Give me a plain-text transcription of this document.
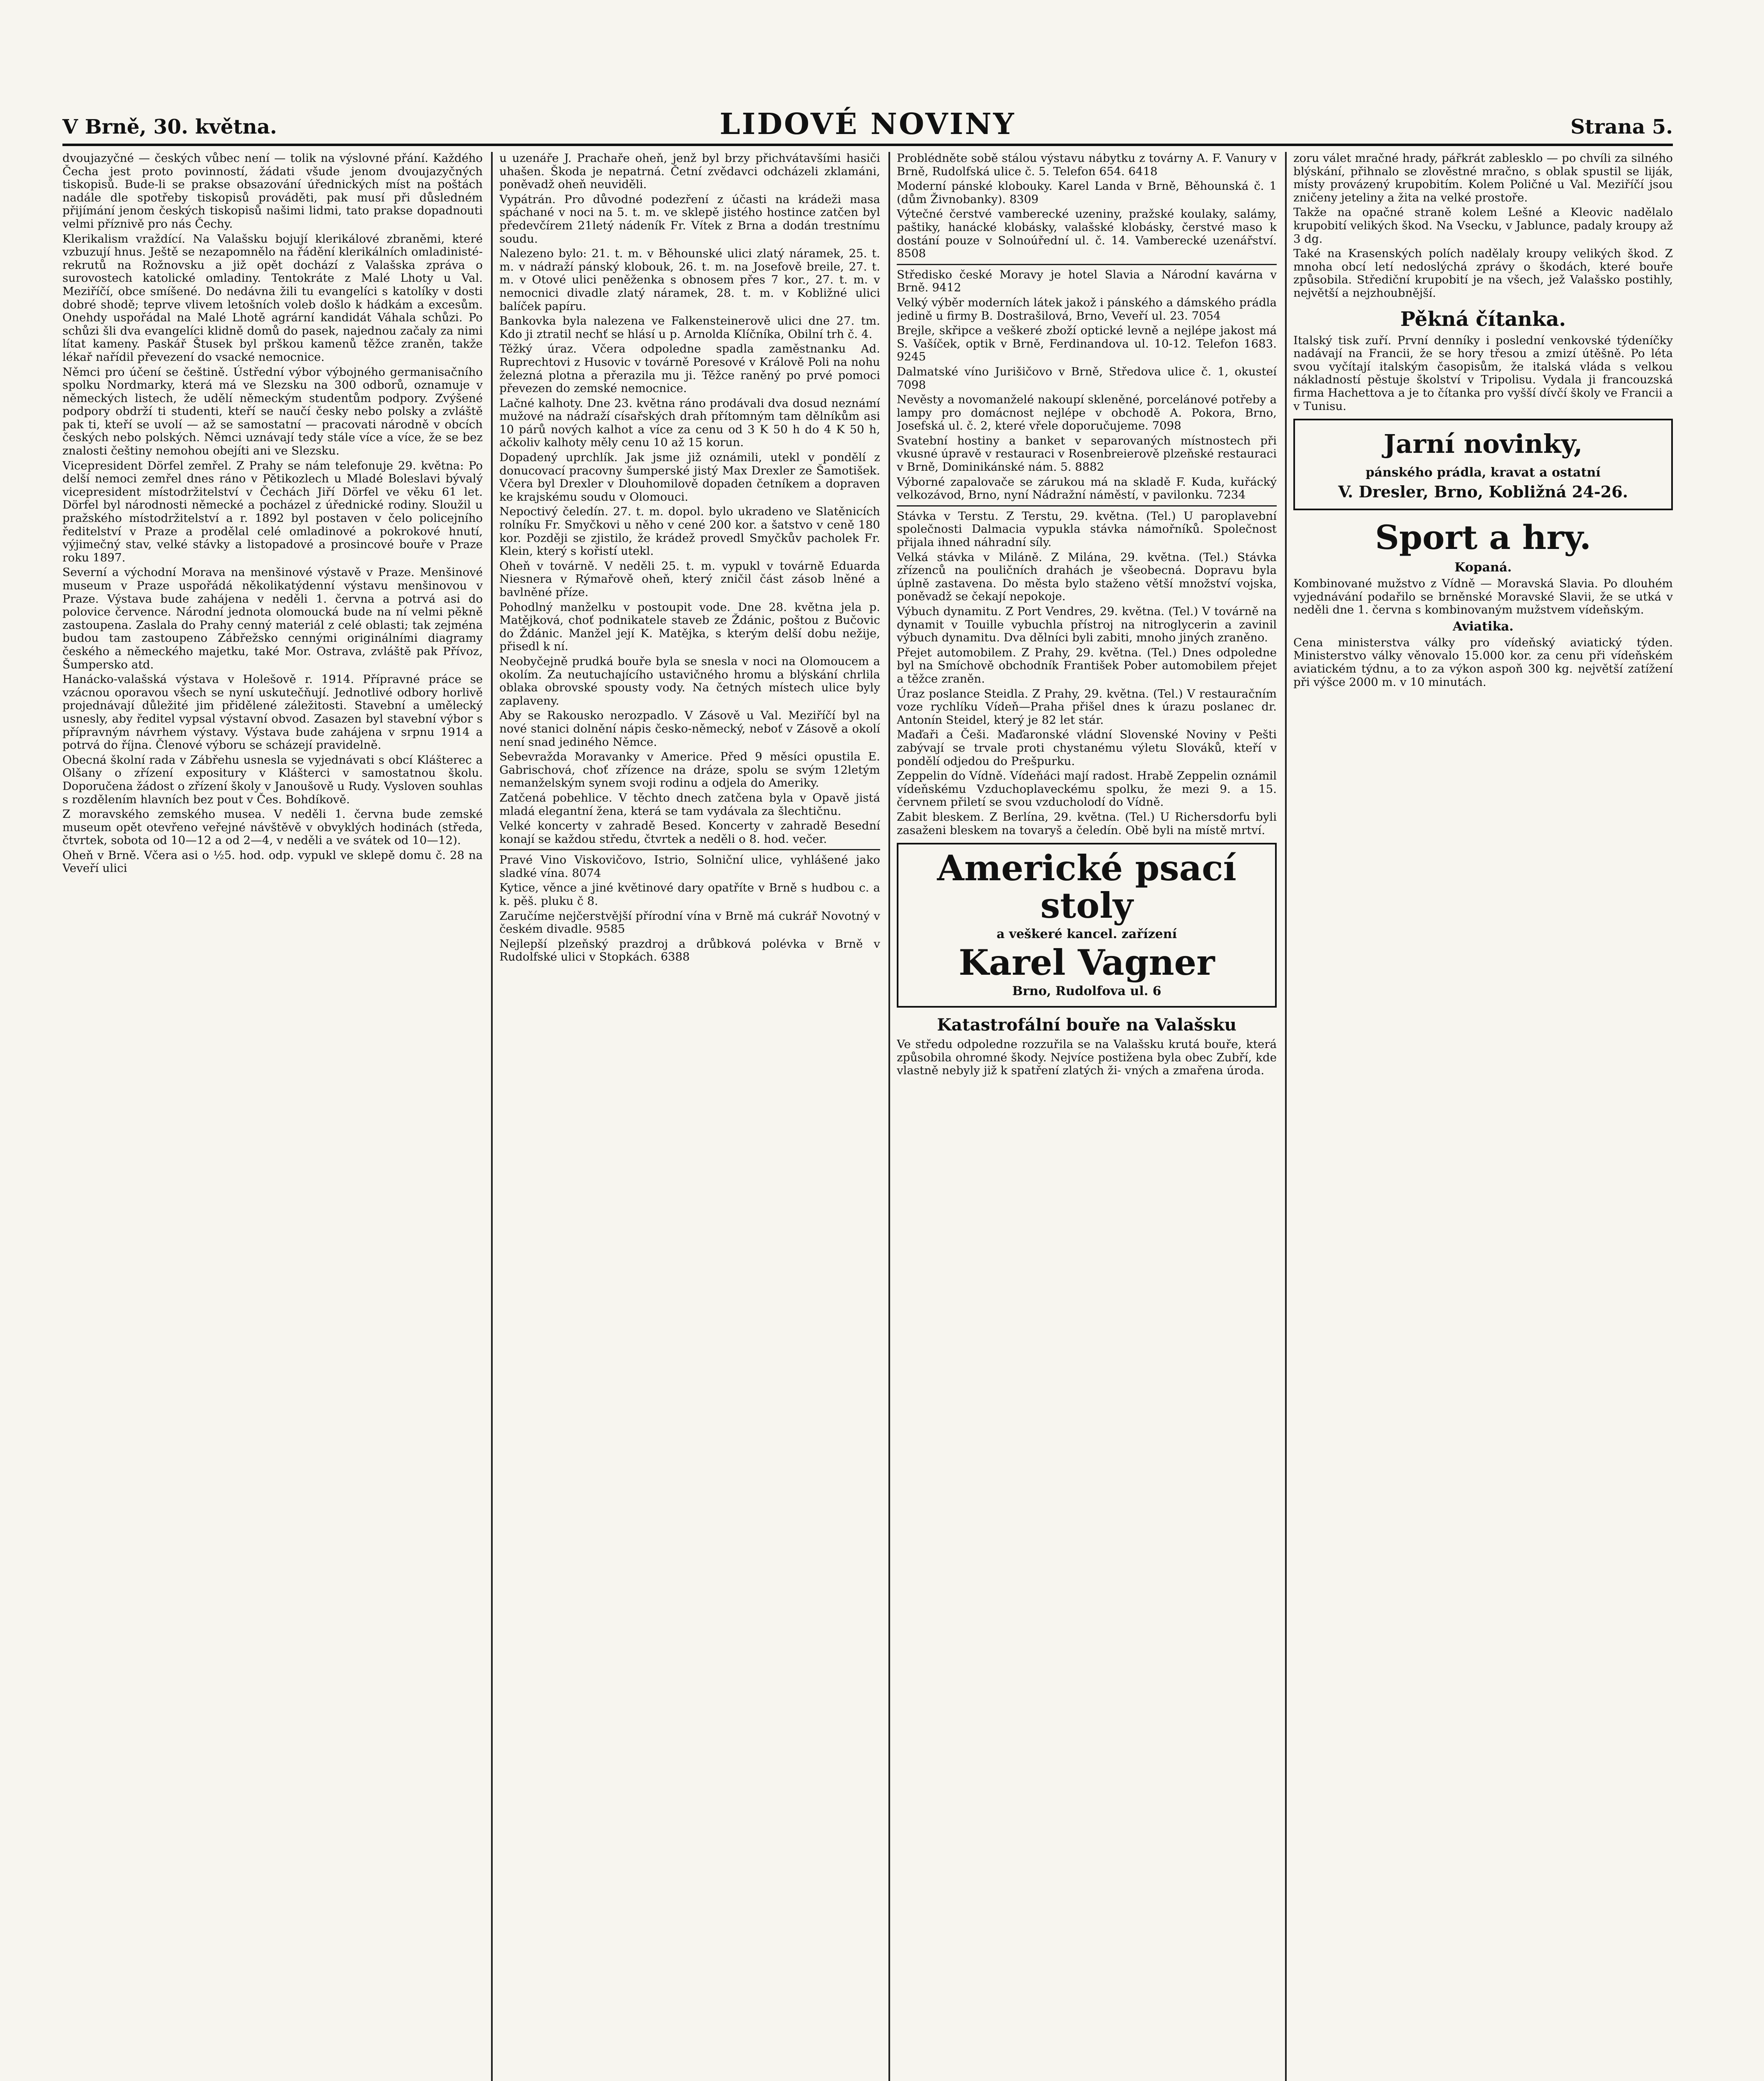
V Brně, 30. května.	LIDOVÉ NOVINY	Strana 5.

dvoujazyčné — českých vůbec není — tolik na výslovné přání. Každého Čecha jest proto povinností, žádati všude jenom dvoujazyčných tiskopisů. Bude-li se prakse obsazování úřednických míst na poštách nadále dle spotřeby tiskopisů prováděti, pak musí při důsledném přijímání jenom českých tiskopisů našimi lidmi, tato prakse dopadnouti velmi příznivě pro nás Čechy.

Klerikalism vraždící. Na Valašsku bojují klerikálové zbraněmi, které vzbuzují hnus. Ještě se nezapomnělo na řádění klerikálních omladinisté-rekrutů na Rožnovsku a již opět dochází z Valašska zpráva o surovostech katolické omladiny. Tentokráte z Malé Lhoty u Val. Meziříčí, obce smíšené. Do nedávna žili tu evangelíci s katolíky v dosti dobré shodě; teprve vlivem letošních voleb došlo k hádkám a excesům. Onehdy uspořádal na Malé Lhotě agrární kandidát Váhala schůzi. Po schůzi šli dva evangelíci klidně domů do pasek, najednou začaly za nimi lítat kameny. Paskář Štusek byl prškou kamenů těžce zraněn, takže lékař nařídil převezení do vsacké nemocnice.

Němci pro účení se češtině. Ústřední výbor výbojného germanisačního spolku Nordmarky, která má ve Slezsku na 300 odborů, oznamuje v německých listech, že udělí německým studentům podpory. Zvýšené podpory obdrží ti studenti, kteří se naučí česky nebo polsky a zvláště pak ti, kteří se uvolí — až se samostatní — pracovati národně v obcích českých nebo polských. Němci uznávají tedy stále více a více, že se bez znalosti češtiny nemohou obejíti ani ve Slezsku.

Vicepresident Dörfel zemřel. Z Prahy se nám telefonuje 29. května: Po delší nemoci zemřel dnes ráno v Pětikozlech u Mladé Boleslavi bývalý vicepresident místodržitelství v Čechách Jiří Dörfel ve věku 61 let. Dörfel byl národnosti německé a pocházel z úřednické rodiny. Sloužil u pražského místodržitelství a r. 1892 byl postaven v čelo policejního ředitelství v Praze a prodělal celé omladinové a pokrokové hnutí, výjimečný stav, velké stávky a listopadové a prosincové bouře v Praze roku 1897.

Severní a východní Morava na menšinové výstavě v Praze. Menšinové museum v Praze uspořádá několikatýdenní výstavu menšinovou v Praze. Výstava bude zahájena v neděli 1. června a potrvá asi do polovice července. Národní jednota olomoucká bude na ní velmi pěkně zastoupena. Zaslala do Prahy cenný materiál z celé oblasti; tak zejména budou tam zastoupeno Zábřežsko cennými originálními diagramy českého a německého majetku, také Mor. Ostrava, zvláště pak Přívoz, Šumpersko atd.

Hanácko-valašská výstava v Holešově r. 1914. Přípravné práce se vzácnou oporavou všech se nyní uskutečňují. Jednotlivé odbory horlivě projednávají důležité jim přidělené záležitosti. Stavební a umělecký usnesly, aby ředitel vypsal výstavní obvod. Zasazen byl stavební výbor s přípravným návrhem výstavy. Výstava bude zahájena v srpnu 1914 a potrvá do října. Členové výboru se scházejí pravidelně.

Obecná školní rada v Zábřehu usnesla se vyjednávati s obcí Klášterec a Olšany o zřízení expositury v Klášterci v samostatnou školu. Doporučena žádost o zřízení školy v Janoušově u Rudy. Vysloven souhlas s rozdělením hlavních bez pout v Čes. Bohdíkově.

Z moravského zemského musea. V neděli 1. června bude zemské museum opět otevřeno veřejné návštěvě v obvyklých hodinách (středa, čtvrtek, sobota od 10—12 a od 2—4, v neděli a ve svátek od 10—12).

Oheň v Brně. Včera asi o ½5. hod. odp. vypukl ve sklepě domu č. 28 na Veveří ulici

u uzenáře J. Prachaře oheň, jenž byl brzy přichvátavšími hasiči uhašen. Škoda je nepatrná. Četní zvědavci odcházeli zklamáni, poněvadž oheň neuviděli.

Vypátrán. Pro důvodné podezření z účasti na krádeži masa spáchané v noci na 5. t. m. ve sklepě jistého hostince zatčen byl předevčírem 21letý nádeník Fr. Vítek z Brna a dodán trestnímu soudu.

Nalezeno bylo: 21. t. m. v Běhounské ulici zlatý náramek, 25. t. m. v nádraží pánský klobouk, 26. t. m. na Josefově breile, 27. t. m. v Otové ulici peněženka s obnosem přes 7 kor., 27. t. m. v nemocnici divadle zlatý náramek, 28. t. m. v Kobližné ulici balíček papíru.

Bankovka byla nalezena ve Falkensteinerově ulici dne 27. tm. Kdo ji ztratil nechť se hlásí u p. Arnolda Klíčníka, Obilní trh č. 4.

Těžký úraz. Včera odpoledne spadla zaměstnanku Ad. Ruprechtovi z Husovic v továrně Poresové v Králově Poli na nohu železná plotna a přerazila mu ji. Těžce raněný po prvé pomoci převezen do zemské nemocnice.

Lačné kalhoty. Dne 23. května ráno prodávali dva dosud neznámí mužové na nádraží císařských drah přítomným tam dělníkům asi 10 párů nových kalhot a více za cenu od 3 K 50 h do 4 K 50 h, ačkoliv kalhoty měly cenu 10 až 15 korun.

Dopadený uprchlík. Jak jsme již oznámili, utekl v pondělí z donucovací pracovny šumperské jistý Max Drexler ze Šamotišek. Včera byl Drexler v Dlouhomilově dopaden četníkem a dopraven ke krajskému soudu v Olomouci.

Nepoctivý čeledín. 27. t. m. dopol. bylo ukradeno ve Slatěnicích rolníku Fr. Smyčkovi u něho v cené 200 kor. a šatstvo v ceně 180 kor. Později se zjistilo, že krádež provedl Smyčkův pacholek Fr. Klein, který s kořistí utekl.

Oheň v továrně. V neděli 25. t. m. vypukl v továrně Eduarda Niesnera v Rýmařově oheň, který zničil část zásob lněné a bavlněné příze.

Pohodlný manželku v postoupit vode. Dne 28. května jela p. Matějková, choť podnikatele staveb ze Ždánic, poštou z Bučovic do Ždánic. Manžel její K. Matějka, s kterým delší dobu nežije, přisedl k ní.

Neobyčejně prudká bouře byla se snesla v noci na Olomoucem a okolím. Za neutuchajícího ustavičného hromu a blýskání chrlila oblaka obrovské spousty vody. Na četných místech ulice byly zaplaveny.

Aby se Rakousko nerozpadlo. V Zásově u Val. Meziříčí byl na nové stanici dolnění nápis česko-německý, neboť v Zásově a okolí není snad jediného Němce.

Sebevražda Moravanky v Americe. Před 9 měsíci opustila E. Gabrischová, choť zřízence na dráze, spolu se svým 12letým nemanželským synem svoji rodinu a odjela do Ameriky.

Zatčená pobehlice. V těchto dnech zatčena byla v Opavě jistá mladá elegantní žena, která se tam vydávala za šlechtičnu.

Velké koncerty v zahradě Besed. Koncerty v zahradě Besední konají se každou středu, čtvrtek a neděli o 8. hod. večer.

Pravé Vino Viskovičovo, Istrio, Solniční ulice, vyhlášené jako sladké vína. 8074

Kytice, věnce a jiné květinové dary opatříte v Brně s hudbou c. a k. pěš. pluku č 8.

Zaručíme nejčerstvější přírodní vína v Brně má cukrář Novotný v českém divadle. 9585

Nejlepší plzeňský prazdroj a drůbková polévka v Brně v Rudolfské ulici v Stopkách. 6388

Problédněte sobě stálou výstavu nábytku z továrny A. F. Vanury v Brně, Rudolfská ulice č. 5. Telefon 654. 6418

Moderní pánské klobouky. Karel Landa v Brně, Běhounská č. 1 (dům Živnobanky). 8309

Výtečné čerstvé vamberecké uzeniny, pražské koulaky, salámy, paštiky, hanácké klobásky, valašské klobásky, čerstvé maso k dostání pouze v Solnoúřední ul. č. 14. Vamberecké uzenářství. 8508

Středisko české Moravy je hotel Slavia a Národní kavárna v Brně. 9412

Velký výběr moderních látek jakož i pánského a dámského prádla jedině u firmy B. Dostrašilová, Brno, Veveří ul. 23. 7054

Brejle, skřipce a veškeré zboží optické levně a nejlépe jakost má S. Vašíček, optik v Brně, Ferdinandova ul. 10-12. Telefon 1683. 9245

Dalmatské víno Jurišičovo v Brně, Středova ulice č. 1, okusteí 7098

Nevěsty a novomanželé nakoupí skleněné, porcelánové potřeby a lampy pro domácnost nejlépe v obchodě A. Pokora, Brno, Josefská ul. č. 2, které vřele doporučujeme. 7098

Svatební hostiny a banket v separovaných místnostech při vkusné úpravě v restauraci v Rosenbreierově plzeňské restauraci v Brně, Dominikánské nám. 5. 8882

Výborné zapalovače se zárukou má na skladě F. Kuda, kuřácký velkozávod, Brno, nyní Nádražní náměstí, v pavilonku. 7234

Stávka v Terstu. Z Terstu, 29. května. (Tel.) U paroplavební společnosti Dalmacia vypukla stávka námořníků. Společnost přijala ihned náhradní síly.

Velká stávka v Miláně. Z Milána, 29. května. (Tel.) Stávka zřízenců na pouličních drahách je všeobecná. Dopravu byla úplně zastavena. Do města bylo staženo větší množství vojska, poněvadž se čekají nepokoje.

Výbuch dynamitu. Z Port Vendres, 29. května. (Tel.) V továrně na dynamit v Touille vybuchla přístroj na nitroglycerin a zavinil výbuch dynamitu. Dva dělníci byli zabiti, mnoho jiných zraněno.

Přejet automobilem. Z Prahy, 29. května. (Tel.) Dnes odpoledne byl na Smíchově obchodník František Pober automobilem přejet a těžce zraněn.

Úraz poslance Steidla. Z Prahy, 29. května. (Tel.) V restauračním voze rychlíku Vídeň—Praha přišel dnes k úrazu poslanec dr. Antonín Steidel, který je 82 let stár.

Maďaři a Češi. Maďaronské vládní Slovenské Noviny v Pešti zabývají se trvale proti chystanému výletu Slováků, kteří v pondělí odjedou do Prešpurku.

Zeppelin do Vídně. Vídeňáci mají radost. Hrabě Zeppelin oznámil vídeňskému Vzduchoplaveckému spolku, že mezi 9. a 15. červnem přiletí se svou vzducholodí do Vídně.

Zabit bleskem. Z Berlína, 29. května. (Tel.) U Richersdorfu byli zasaženi bleskem na tovaryš a čeledín. Obě byli na místě mrtví.

Americké psací
stoly
a veškeré kancel. zařízení
Karel Vagner
Brno, Rudolfova ul. 6
Katastrofální bouře na Valašsku

Ve středu odpoledne rozzuřila se na Valašsku krutá bouře, která způsobila ohromné škody. Nejvíce postižena byla obec Zubří, kde vlastně nebyly již k spatření zlatých ži- vných a zmařena úroda.

zoru válet mračné hrady, pářkrát zablesklo — po chvíli za silného blýskání, přihnalo se zlověstné mračno, s oblak spustil se liják, místy provázený krupobitím. Kolem Poličné u Val. Meziříčí jsou zničeny jeteliny a žita na velké prostoře.

Takže na opačné straně kolem Lešné a Kleovic nadělalo krupobití velikých škod. Na Vsecku, v Jablunce, padaly kroupy až 3 dg.

Také na Krasenských polích nadělaly kroupy velikých škod. Z mnoha obcí letí nedoslýchá zprávy o škodách, které bouře způsobila. Střediční krupobití je na všech, jež Valašsko postihly, největší a nejzhoubnější.

Pěkná čítanka.

Italský tisk zuří. První denníky i poslední venkovské týdeníčky nadávají na Francii, že se hory třesou a zmizí útěšně. Po léta svou vyčítají italským časopisům, že italská vláda s velkou nákladností pěstuje školství v Tripolisu. Vydala ji francouzská firma Hachettova a je to čítanka pro vyšší dívčí školy ve Francii a v Tunisu.

Jarní novinky,
pánského prádla, kravat a ostatní
V. Dresler, Brno, Kobližná 24-26.
Sport a hry.
Kopaná.

Kombinované mužstvo z Vídně — Moravská Slavia. Po dlouhém vyjednávání podařilo se brněnské Moravské Slavii, že se utká v neděli dne 1. června s kombinovaným mužstvem vídeňským.

Aviatika.

Cena ministerstva války pro vídeňský aviatický týden. Ministerstvo války věnovalo 15.000 kor. za cenu při vídeňském aviatickém týdnu, a to za výkon aspoň 300 kg. největší zatížení při výšce 2000 m. v 10 minutách.
